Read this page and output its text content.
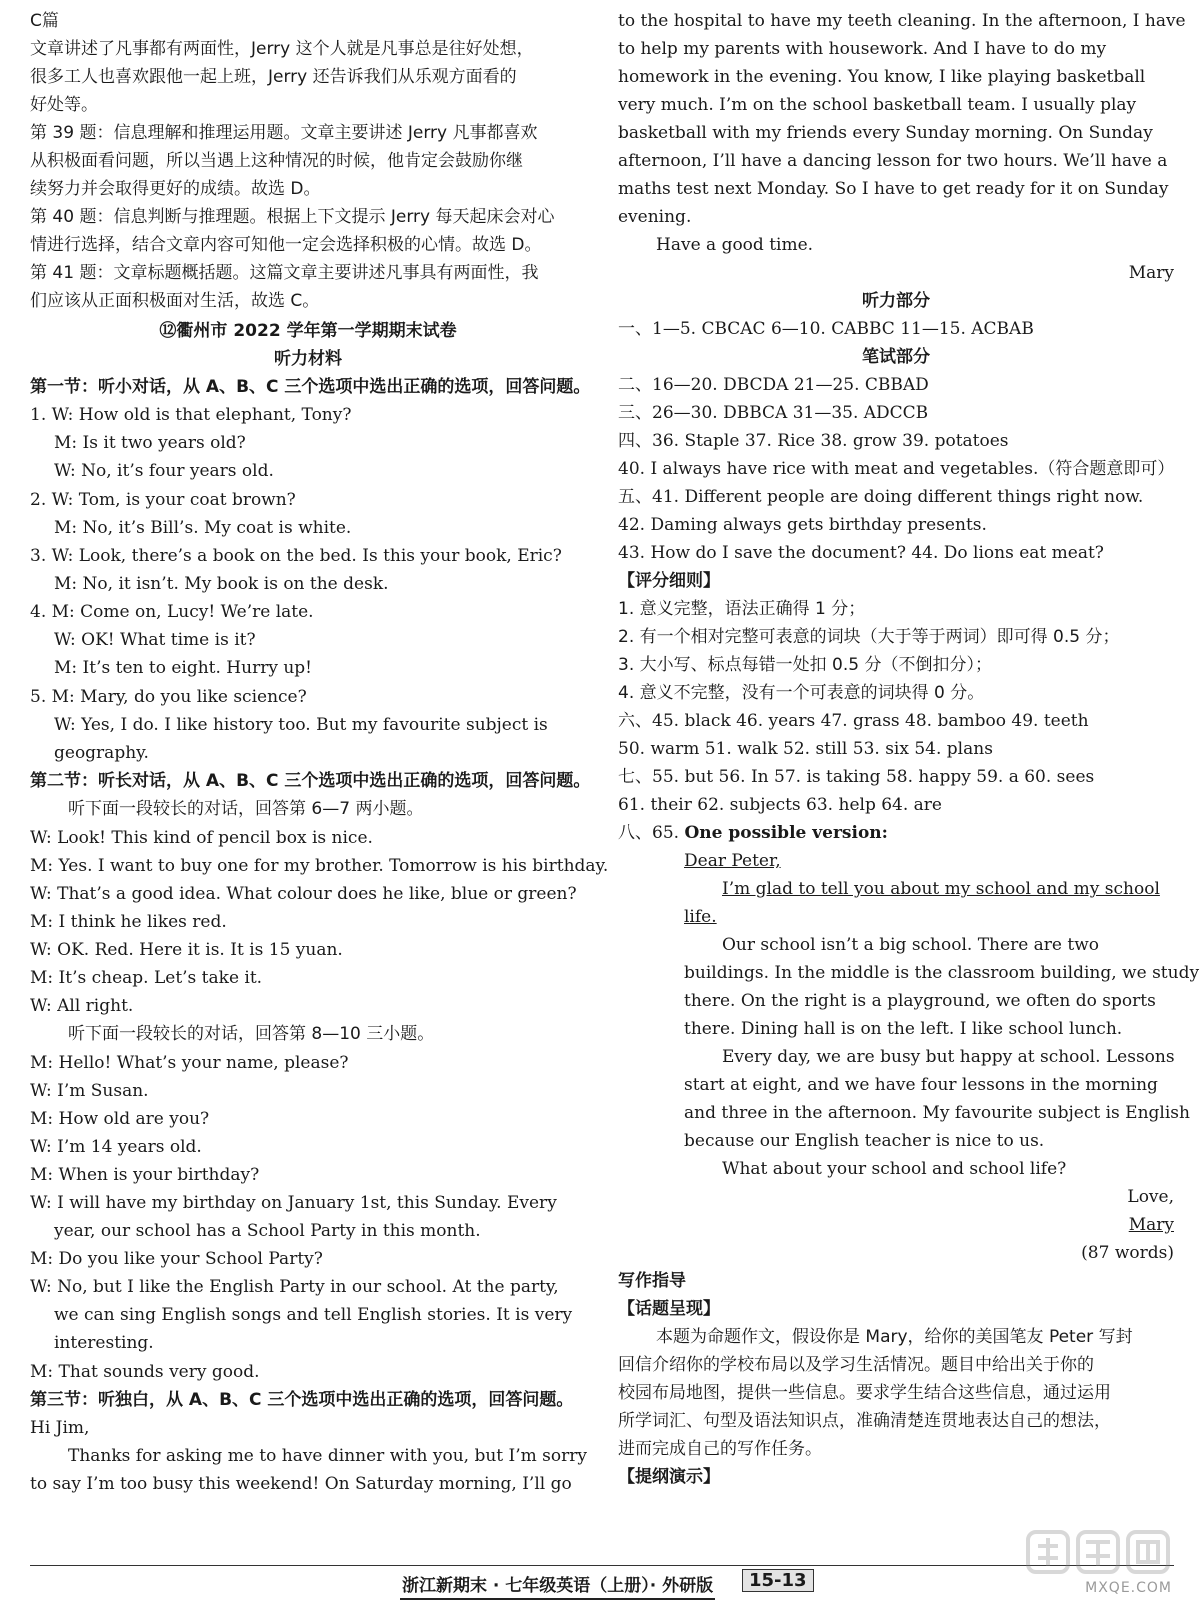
C篇
文章讲述了凡事都有两面性，Jerry 这个人就是凡事总是往好处想，
很多工人也喜欢跟他一起上班，Jerry 还告诉我们从乐观方面看的
好处等。
第 39 题：信息理解和推理运用题。文章主要讲述 Jerry 凡事都喜欢
从积极面看问题，所以当遇上这种情况的时候，他肯定会鼓励你继
续努力并会取得更好的成绩。故选 D。
第 40 题：信息判断与推理题。根据上下文提示 Jerry 每天起床会对心
情进行选择，结合文章内容可知他一定会选择积极的心情。故选 D。
第 41 题：文章标题概括题。这篇文章主要讲述凡事具有两面性，我
们应该从正面积极面对生活，故选 C。
⑫衢州市 2022 学年第一学期期末试卷
听力材料
第一节：听小对话，从 A、B、C 三个选项中选出正确的选项，回答问题。
1. W: How old is that elephant, Tony?
M: Is it two years old?
W: No, it’s four years old.
2. W: Tom, is your coat brown?
M: No, it’s Bill’s. My coat is white.
3. W: Look, there’s a book on the bed. Is this your book, Eric?
M: No, it isn’t. My book is on the desk.
4. M: Come on, Lucy! We’re late.
W: OK! What time is it?
M: It’s ten to eight. Hurry up!
5. M: Mary, do you like science?
W: Yes, I do. I like history too. But my favourite subject is
geography.
第二节：听长对话，从 A、B、C 三个选项中选出正确的选项，回答问题。
听下面一段较长的对话，回答第 6—7 两小题。
W: Look! This kind of pencil box is nice.
M: Yes. I want to buy one for my brother. Tomorrow is his birthday.
W: That’s a good idea. What colour does he like, blue or green?
M: I think he likes red.
W: OK. Red. Here it is. It is 15 yuan.
M: It’s cheap. Let’s take it.
W: All right.
听下面一段较长的对话，回答第 8—10 三小题。
M: Hello! What’s your name, please?
W: I’m Susan.
M: How old are you?
W: I’m 14 years old.
M: When is your birthday?
W: I will have my birthday on January 1st, this Sunday. Every
year, our school has a School Party in this month.
M: Do you like your School Party?
W: No, but I like the English Party in our school. At the party,
we can sing English songs and tell English stories. It is very
interesting.
M: That sounds very good.
第三节：听独白，从 A、B、C 三个选项中选出正确的选项，回答问题。
Hi Jim,
Thanks for asking me to have dinner with you, but I’m sorry
to say I’m too busy this weekend! On Saturday morning, I’ll go
to the hospital to have my teeth cleaning. In the afternoon, I have
to help my parents with housework. And I have to do my
homework in the evening. You know, I like playing basketball
very much. I’m on the school basketball team. I usually play
basketball with my friends every Sunday morning. On Sunday
afternoon, I’ll have a dancing lesson for two hours. We’ll have a
maths test next Monday. So I have to get ready for it on Sunday
evening.
Have a good time.
Mary
听力部分
一、1—5. CBCAC 6—10. CABBC 11—15. ACBAB
笔试部分
二、16—20. DBCDA 21—25. CBBAD
三、26—30. DBBCA 31—35. ADCCB
四、36. Staple 37. Rice 38. grow 39. potatoes
40. I always have rice with meat and vegetables.（符合题意即可）
五、41. Different people are doing different things right now.
42. Daming always gets birthday presents.
43. How do I save the document? 44. Do lions eat meat?
【评分细则】
1. 意义完整，语法正确得 1 分；
2. 有一个相对完整可表意的词块（大于等于两词）即可得 0.5 分；
3. 大小写、标点每错一处扣 0.5 分（不倒扣分）；
4. 意义不完整，没有一个可表意的词块得 0 分。
六、45. black 46. years 47. grass 48. bamboo 49. teeth
50. warm 51. walk 52. still 53. six 54. plans
七、55. but 56. In 57. is taking 58. happy 59. a 60. sees
61. their 62. subjects 63. help 64. are
八、65. One possible version:
Dear Peter,
I’m glad to tell you about my school and my school
life.
Our school isn’t a big school. There are two
buildings. In the middle is the classroom building, we study
there. On the right is a playground, we often do sports
there. Dining hall is on the left. I like school lunch.
Every day, we are busy but happy at school. Lessons
start at eight, and we have four lessons in the morning
and three in the afternoon. My favourite subject is English
because our English teacher is nice to us.
What about your school and school life?
Love,
Mary
(87 words)
写作指导
【话题呈现】
本题为命题作文，假设你是 Mary，给你的美国笔友 Peter 写封
回信介绍你的学校布局以及学习生活情况。题目中给出关于你的
校园布局地图，提供一些信息。要求学生结合这些信息，通过运用
所学词汇、句型及语法知识点，准确清楚连贯地表达自己的想法，
进而完成自己的写作任务。
【提纲演示】
浙江新期末 · 七年级英语（上册）· 外研版	15-13	MXQE.COM
